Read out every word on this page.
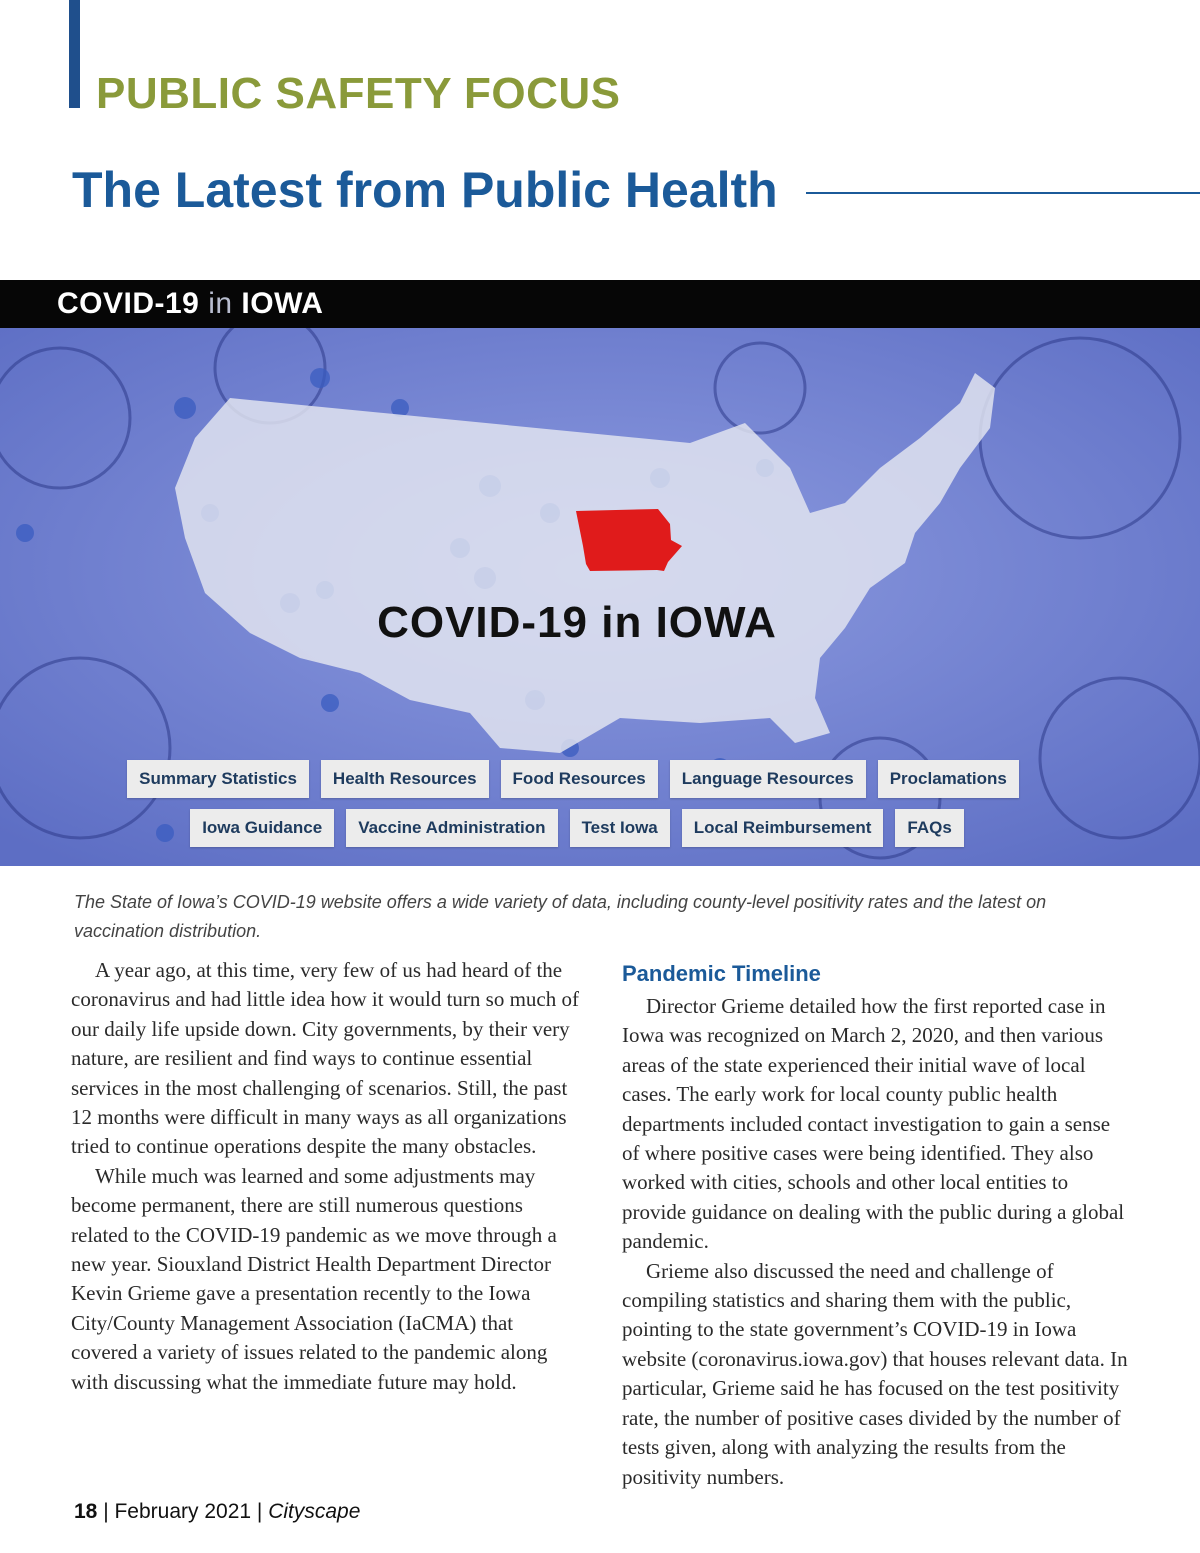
PUBLIC SAFETY FOCUS
The Latest from Public Health
COVID-19 in IOWA
COVID-19 in IOWA
Summary Statistics	Health Resources	Food Resources	Language Resources	Proclamations
Iowa Guidance	Vaccine Administration	Test Iowa	Local Reimbursement	FAQs

The State of Iowa’s COVID-19 website offers a wide variety of data, including county-level positivity rates and the latest on vaccination distribution.

A year ago, at this time, very few of us had heard of the coronavirus and had little idea how it would turn so much of our daily life upside down. City governments, by their very nature, are resilient and find ways to continue essential services in the most challenging of scenarios. Still, the past 12 months were difficult in many ways as all organizations tried to continue operations despite the many obstacles.

While much was learned and some adjustments may become permanent, there are still numerous questions related to the COVID-19 pandemic as we move through a new year. Siouxland District Health Department Director Kevin Grieme gave a presentation recently to the Iowa City/County Management Association (IaCMA) that covered a variety of issues related to the pandemic along with discussing what the immediate future may hold.

Pandemic Timeline

Director Grieme detailed how the first reported case in Iowa was recognized on March 2, 2020, and then various areas of the state experienced their initial wave of local cases. The early work for local county public health departments included contact investigation to gain a sense of where positive cases were being identified. They also worked with cities, schools and other local entities to provide guidance on dealing with the public during a global pandemic.

Grieme also discussed the need and challenge of compiling statistics and sharing them with the public, pointing to the state government’s COVID-19 in Iowa website (coronavirus.iowa.gov) that houses relevant data. In particular, Grieme said he has focused on the test positivity rate, the number of positive cases divided by the number of tests given, along with analyzing the results from the positivity numbers.

18 | February 2021 | Cityscape
